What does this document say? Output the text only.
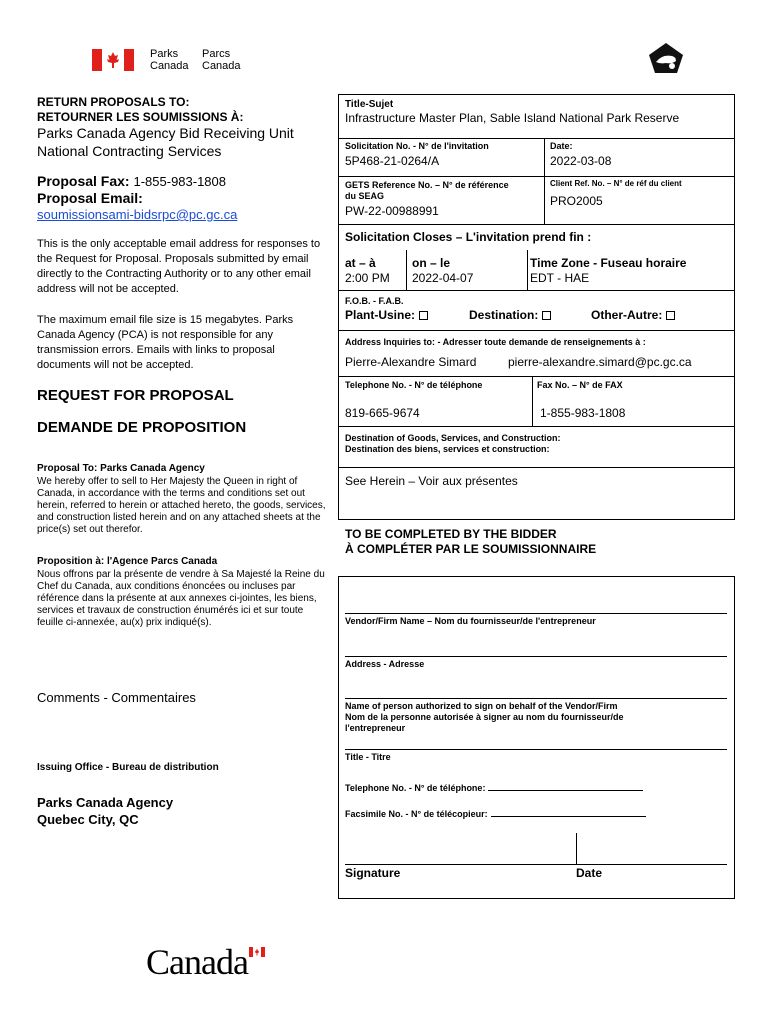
Parks
Canada
Parcs
Canada
RETURN PROPOSALS TO:
RETOURNER LES SOUMISSIONS À:
Parks Canada Agency Bid Receiving Unit
National Contracting Services
Proposal Fax: 1-855-983-1808
Proposal Email:
soumissionsami-bidsrpc@pc.gc.ca
This is the only acceptable email address for responses to the Request for Proposal. Proposals submitted by email directly to the Contracting Authority or to any other email address will not be accepted.
The maximum email file size is 15 megabytes. Parks Canada Agency (PCA) is not responsible for any transmission errors. Emails with links to proposal documents will not be accepted.
REQUEST FOR PROPOSAL
DEMANDE DE PROPOSITION
Proposal To: Parks Canada Agency
We hereby offer to sell to Her Majesty the Queen in right of Canada, in accordance with the terms and conditions set out herein, referred to herein or attached hereto, the goods, services, and construction listed herein and on any attached sheets at the price(s) set out therefor.
Proposition à: l'Agence Parcs Canada
Nous offrons par la présente de vendre à Sa Majesté la Reine du Chef du Canada, aux conditions énoncées ou incluses par référence dans la présente at aux annexes ci-jointes, les biens, services et travaux de construction énumérés ici et sur toute feuille ci-annexée, au(x) prix indiqué(s).
Comments - Commentaires
Issuing Office - Bureau de distribution
Parks Canada Agency
Quebec City, QC
Title-Sujet
Infrastructure Master Plan, Sable Island National Park Reserve
Solicitation No. - N° de l'invitation
5P468-21-0264/A
Date:
2022-03-08
GETS Reference No. – N° de référence
du SEAG
PW-22-00988991
Client Ref. No. – N° de réf du client
PRO2005
Solicitation Closes – L'invitation prend fin :
at – à
2:00 PM
on – le
2022-04-07
Time Zone - Fuseau horaire
EDT - HAE
F.O.B. - F.A.B.
Plant-Usine:	Destination:	Other-Autre:
Address Inquiries to: - Adresser toute demande de renseignements à :
Pierre-Alexandre Simard	pierre-alexandre.simard@pc.gc.ca
Telephone No. - N° de téléphone	Fax No. – N° de FAX
819-665-9674	1-855-983-1808
Destination of Goods, Services, and Construction:
Destination des biens, services et construction:
See Herein – Voir aux présentes
TO BE COMPLETED BY THE BIDDER
À COMPLÉTER PAR LE SOUMISSIONNAIRE
Vendor/Firm Name – Nom du fournisseur/de l'entrepreneur
Address - Adresse
Name of person authorized to sign on behalf of the Vendor/Firm
Nom de la personne autorisée à signer au nom du fournisseur/de
l'entrepreneur
Title - Titre
Telephone No. - N° de téléphone:
Facsimile No. - N° de télécopieur:
Signature	Date
Canada
